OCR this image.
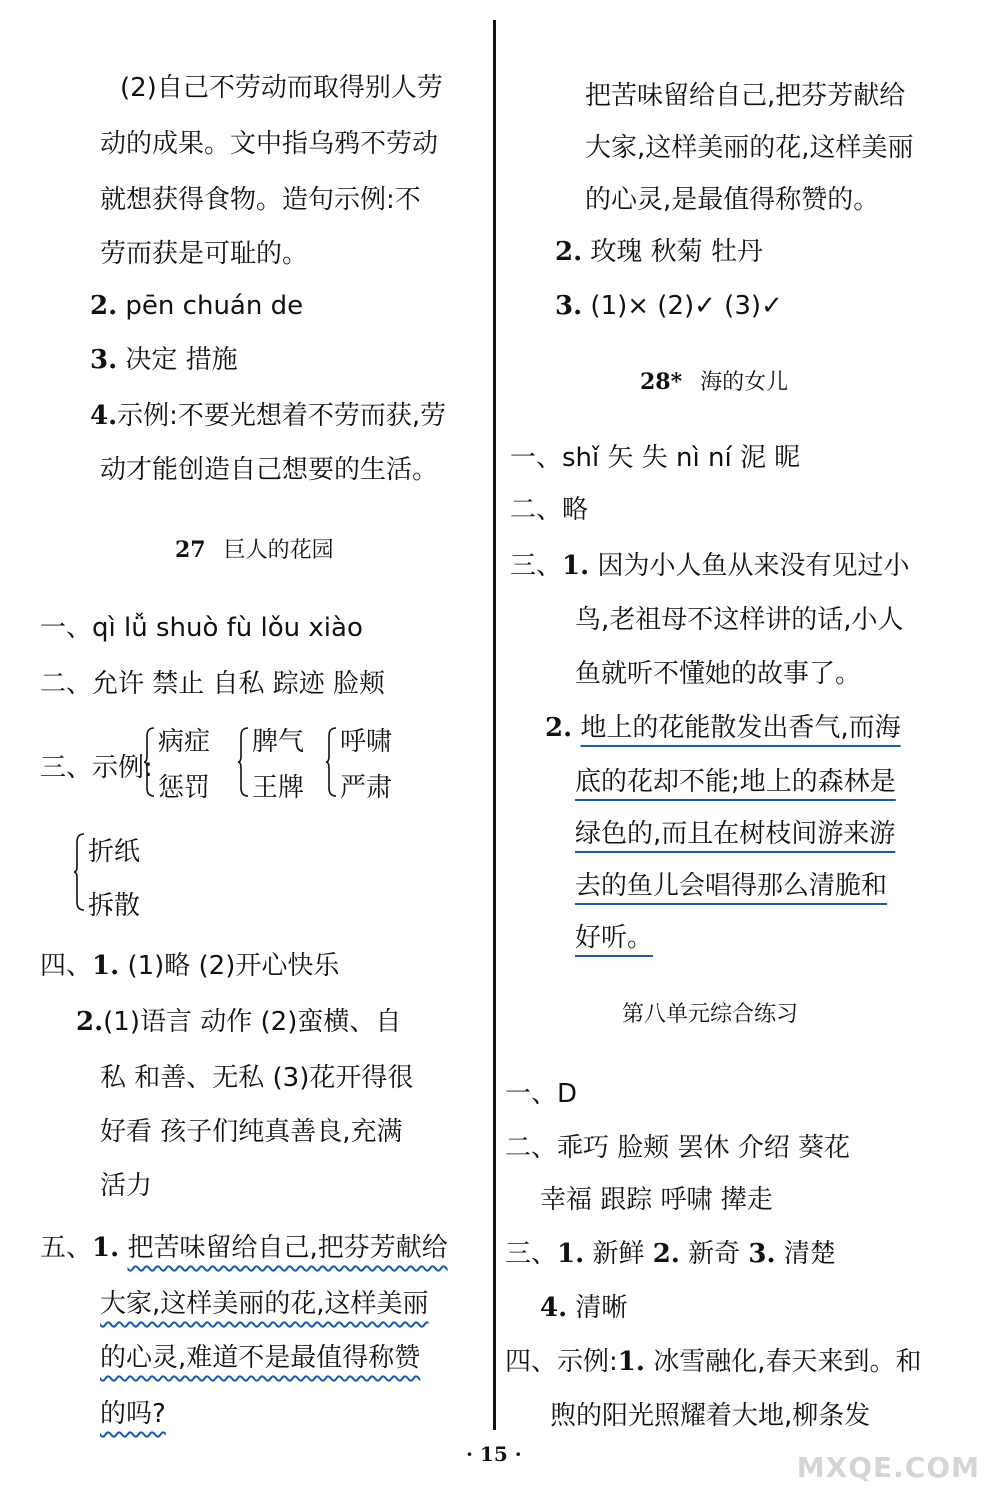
(2)自己不劳动而取得别人劳
动的成果。文中指乌鸦不劳动
就想获得食物。造句示例:不
劳而获是可耻的。
2. pēn chuán de
3. 决定 措施
4.示例:不要光想着不劳而获,劳
动才能创造自己想要的生活。
27 巨人的花园
一、qì lǚ shuò fù lǒu xiào
二、允许 禁止 自私 踪迹 脸颊
三、示例:
病症
惩罚
脾气
王牌
呼啸
严肃
折纸
拆散
四、1. (1)略 (2)开心快乐
2.(1)语言 动作 (2)蛮横、自
私 和善、无私 (3)花开得很
好看 孩子们纯真善良,充满
活力
五、1. 把苦味留给自己,把芬芳献给
大家,这样美丽的花,这样美丽
的心灵,难道不是最值得称赞
的吗?
把苦味留给自己,把芬芳献给
大家,这样美丽的花,这样美丽
的心灵,是最值得称赞的。
2. 玫瑰 秋菊 牡丹
3. (1)× (2)✓ (3)✓
28* 海的女儿
一、shǐ 矢 失 nì ní 泥 昵
二、略
三、1. 因为小人鱼从来没有见过小
鸟,老祖母不这样讲的话,小人
鱼就听不懂她的故事了。
2. 地上的花能散发出香气,而海
底的花却不能;地上的森林是
绿色的,而且在树枝间游来游
去的鱼儿会唱得那么清脆和
好听。
第八单元综合练习
一、D
二、乖巧 脸颊 罢休 介绍 葵花
幸福 跟踪 呼啸 撵走
三、1. 新鲜 2. 新奇 3. 清楚
4. 清晰
四、示例:1. 冰雪融化,春天来到。和
煦的阳光照耀着大地,柳条发
· 15 ·	MXQE.COM
